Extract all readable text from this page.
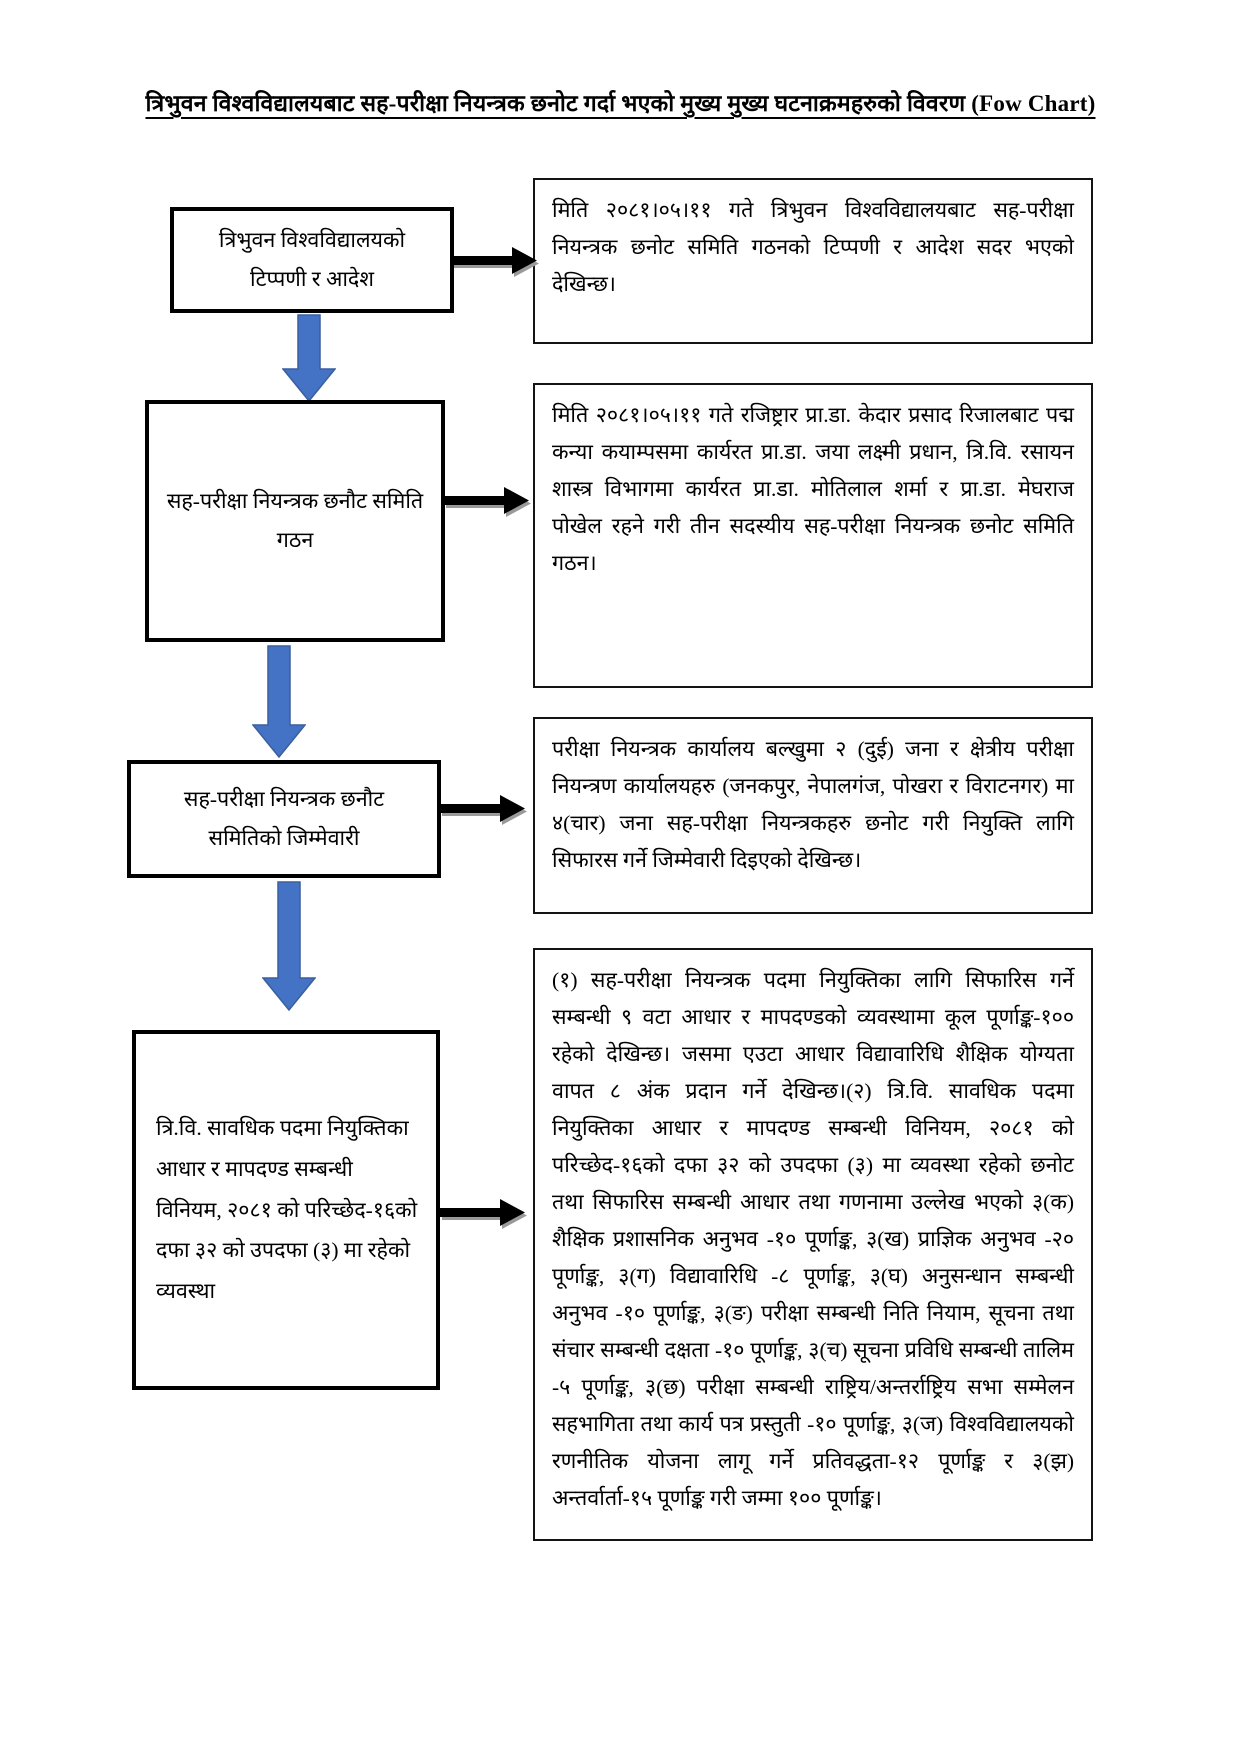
त्रिभुवन विश्वविद्यालयबाट सह-परीक्षा नियन्त्रक छनोट गर्दा भएको मुख्य मुख्य घटनाक्रमहरुको विवरण (Fow Chart)
त्रिभुवन विश्वविद्यालयको टिप्पणी र आदेश
मिति २०८१।०५।११ गते त्रिभुवन विश्वविद्यालयबाट सह-परीक्षा नियन्त्रक छनोट समिति गठनको टिप्पणी र आदेश सदर भएको देखिन्छ।
सह-परीक्षा नियन्त्रक छनौट समिति गठन
मिति २०८१।०५।११ गते रजिष्ट्रार प्रा.डा. केदार प्रसाद रिजालबाट पद्म कन्या कयाम्पसमा कार्यरत प्रा.डा. जया लक्ष्मी प्रधान, त्रि.वि. रसायन शास्त्र विभागमा कार्यरत प्रा.डा. मोतिलाल शर्मा र प्रा.डा. मेघराज पोखेल रहने गरी तीन सदस्यीय सह-परीक्षा नियन्त्रक छनोट समिति गठन।
सह-परीक्षा नियन्त्रक छनौट समितिको जिम्मेवारी
परीक्षा नियन्त्रक कार्यालय बल्खुमा २ (दुई) जना र क्षेत्रीय परीक्षा नियन्त्रण कार्यालयहरु (जनकपुर, नेपालगंज, पोखरा र विराटनगर) मा ४(चार) जना सह-परीक्षा नियन्त्रकहरु छनोट गरी नियुक्ति लागि सिफारस गर्ने जिम्मेवारी दिइएको देखिन्छ।
त्रि.वि. सावधिक पदमा नियुक्तिका आधार र मापदण्ड सम्बन्धी विनियम, २०८१ को परिच्छेद-१६को दफा ३२ को उपदफा (३) मा रहेको व्यवस्था
(१) सह-परीक्षा नियन्त्रक पदमा नियुक्तिका लागि सिफारिस गर्ने सम्बन्धी ९ वटा आधार र मापदण्डको व्यवस्थामा कूल पूर्णाङ्क-१०० रहेको देखिन्छ। जसमा एउटा आधार विद्यावारिधि शैक्षिक योग्यता वापत ८ अंक प्रदान गर्ने देखिन्छ।(२) त्रि.वि. सावधिक पदमा नियुक्तिका आधार र मापदण्ड सम्बन्धी विनियम, २०८१ को परिच्छेद-१६को दफा ३२ को उपदफा (३) मा व्यवस्था रहेको छनोट तथा सिफारिस सम्बन्धी आधार तथा गणनामा उल्लेख भएको ३(क) शैक्षिक प्रशासनिक अनुभव -१० पूर्णाङ्क, ३(ख) प्राज्ञिक अनुभव -२० पूर्णाङ्क, ३(ग) विद्यावारिधि -८ पूर्णाङ्क, ३(घ) अनुसन्धान सम्बन्धी अनुभव -१० पूर्णाङ्क, ३(ङ) परीक्षा सम्बन्धी निति नियाम, सूचना तथा संचार सम्बन्धी दक्षता -१० पूर्णाङ्क, ३(च) सूचना प्रविधि सम्बन्धी तालिम -५ पूर्णाङ्क, ३(छ) परीक्षा सम्बन्धी राष्ट्रिय/अन्तर्राष्ट्रिय सभा सम्मेलन सहभागिता तथा कार्य पत्र प्रस्तुती -१० पूर्णाङ्क, ३(ज) विश्वविद्यालयको रणनीतिक योजना लागू गर्ने प्रतिवद्धता-१२ पूर्णाङ्क र ३(झ) अन्तर्वार्ता-१५ पूर्णाङ्क गरी जम्मा १०० पूर्णाङ्क।
